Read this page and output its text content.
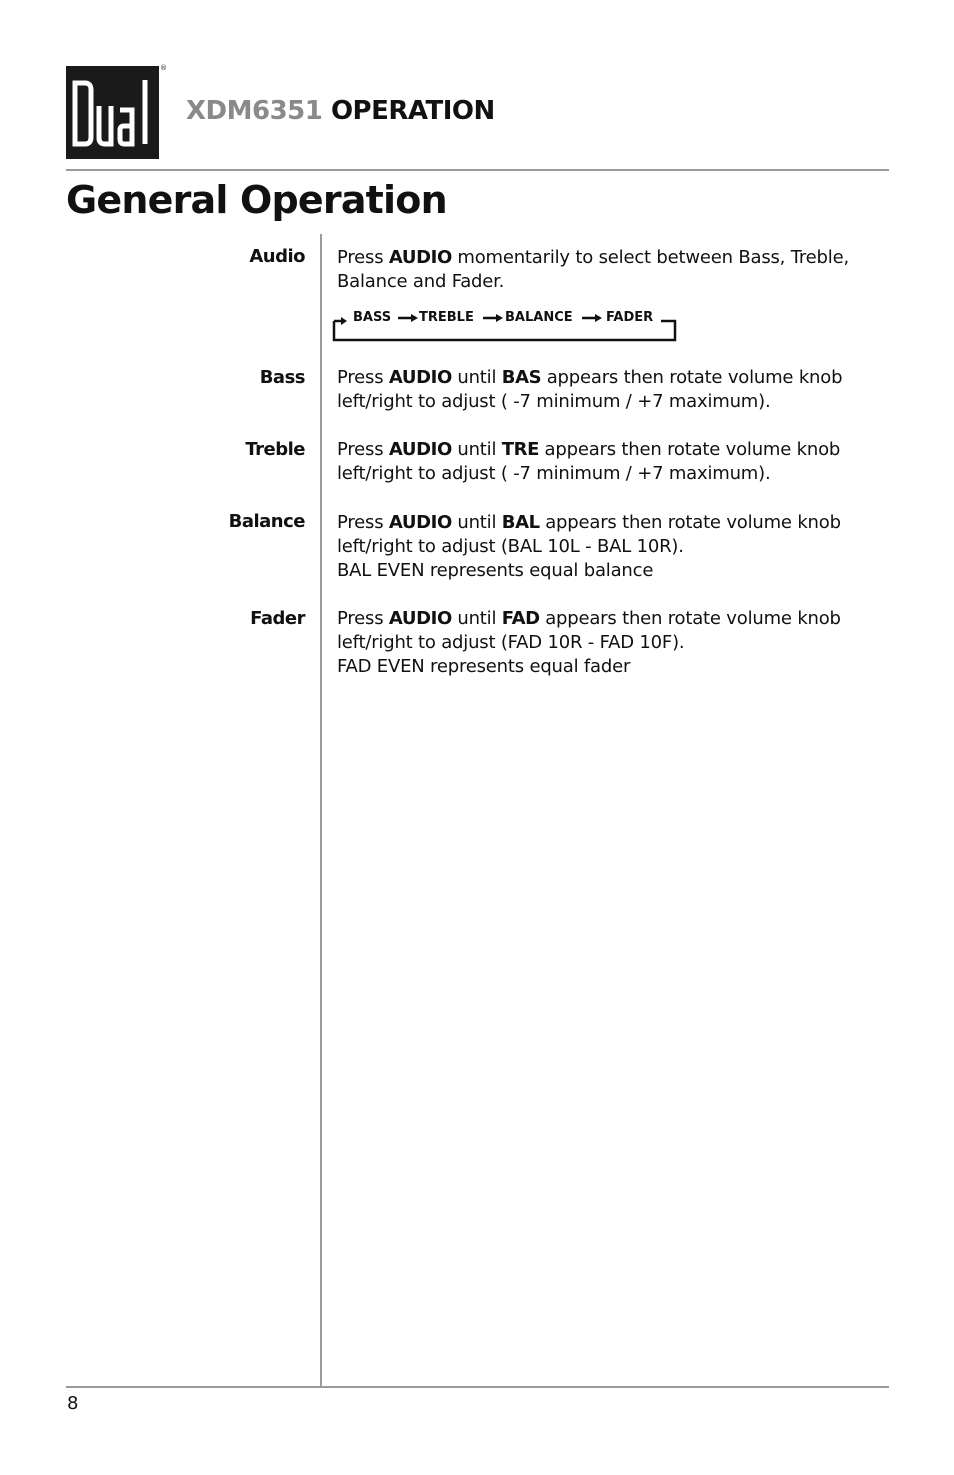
®
XDM6351 OPERATION
General Operation
Audio Press AUDIO momentarily to select between Bass, Treble,
Balance and Fader.
BASS TREBLE BALANCE	FADER
Bass Press AUDIO until BAS appears then rotate volume knob
left/right to adjust ( -7 minimum / +7 maximum).
Treble Press AUDIO until TRE appears then rotate volume knob
left/right to adjust ( -7 minimum / +7 maximum).
Balance Press AUDIO until BAL appears then rotate volume knob
left/right to adjust (BAL 10L - BAL 10R).
BAL EVEN represents equal balance
Fader Press AUDIO until FAD appears then rotate volume knob
left/right to adjust (FAD 10R - FAD 10F).
FAD EVEN represents equal fader
8
